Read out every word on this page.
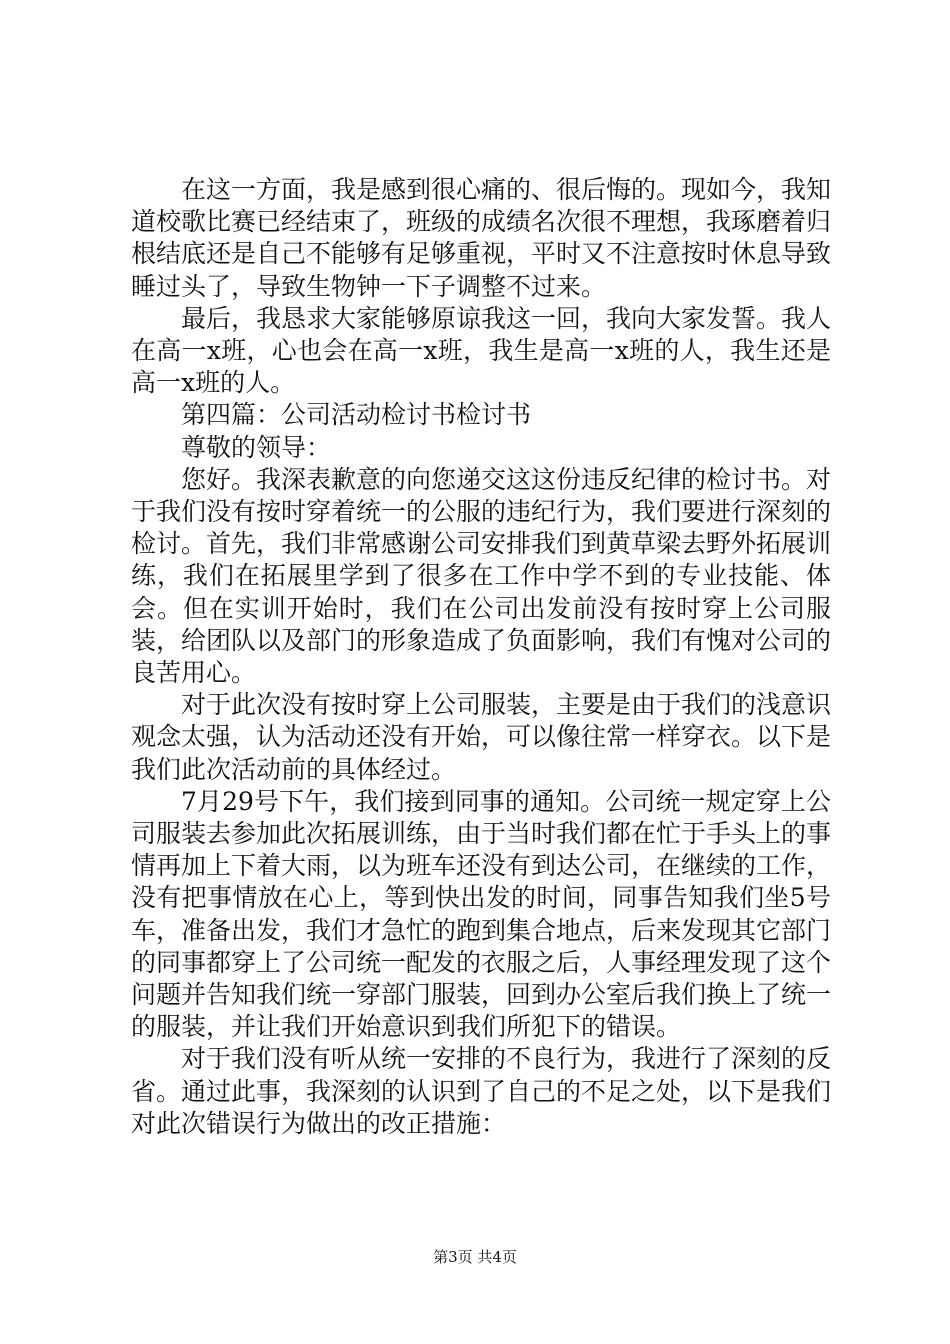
在这一方面，我是感到很心痛的、很后悔的。现如今，我知道校歌比赛已经结束了，班级的成绩名次很不理想，我琢磨着归根结底还是自己不能够有足够重视，平时又不注意按时休息导致睡过头了，导致生物钟一下子调整不过来。

最后，我恳求大家能够原谅我这一回，我向大家发誓。我人在高一x班，心也会在高一x班，我生是高一x班的人，我生还是高一x班的人。

第四篇：公司活动检讨书检讨书

尊敬的领导：

您好。我深表歉意的向您递交这这份违反纪律的检讨书。对于我们没有按时穿着统一的公服的违纪行为，我们要进行深刻的检讨。首先，我们非常感谢公司安排我们到黄草梁去野外拓展训练，我们在拓展里学到了很多在工作中学不到的专业技能、体会。但在实训开始时，我们在公司出发前没有按时穿上公司服装，给团队以及部门的形象造成了负面影响，我们有愧对公司的良苦用心。

对于此次没有按时穿上公司服装，主要是由于我们的浅意识观念太强，认为活动还没有开始，可以像往常一样穿衣。以下是我们此次活动前的具体经过。

7月29号下午，我们接到同事的通知。公司统一规定穿上公司服装去参加此次拓展训练，由于当时我们都在忙于手头上的事情再加上下着大雨，以为班车还没有到达公司，在继续的工作，没有把事情放在心上，等到快出发的时间，同事告知我们坐5号车，准备出发，我们才急忙的跑到集合地点，后来发现其它部门的同事都穿上了公司统一配发的衣服之后，人事经理发现了这个问题并告知我们统一穿部门服装，回到办公室后我们换上了统一的服装，并让我们开始意识到我们所犯下的错误。

对于我们没有听从统一安排的不良行为，我进行了深刻的反省。通过此事，我深刻的认识到了自己的不足之处，以下是我们对此次错误行为做出的改正措施：

第3页 共4页
